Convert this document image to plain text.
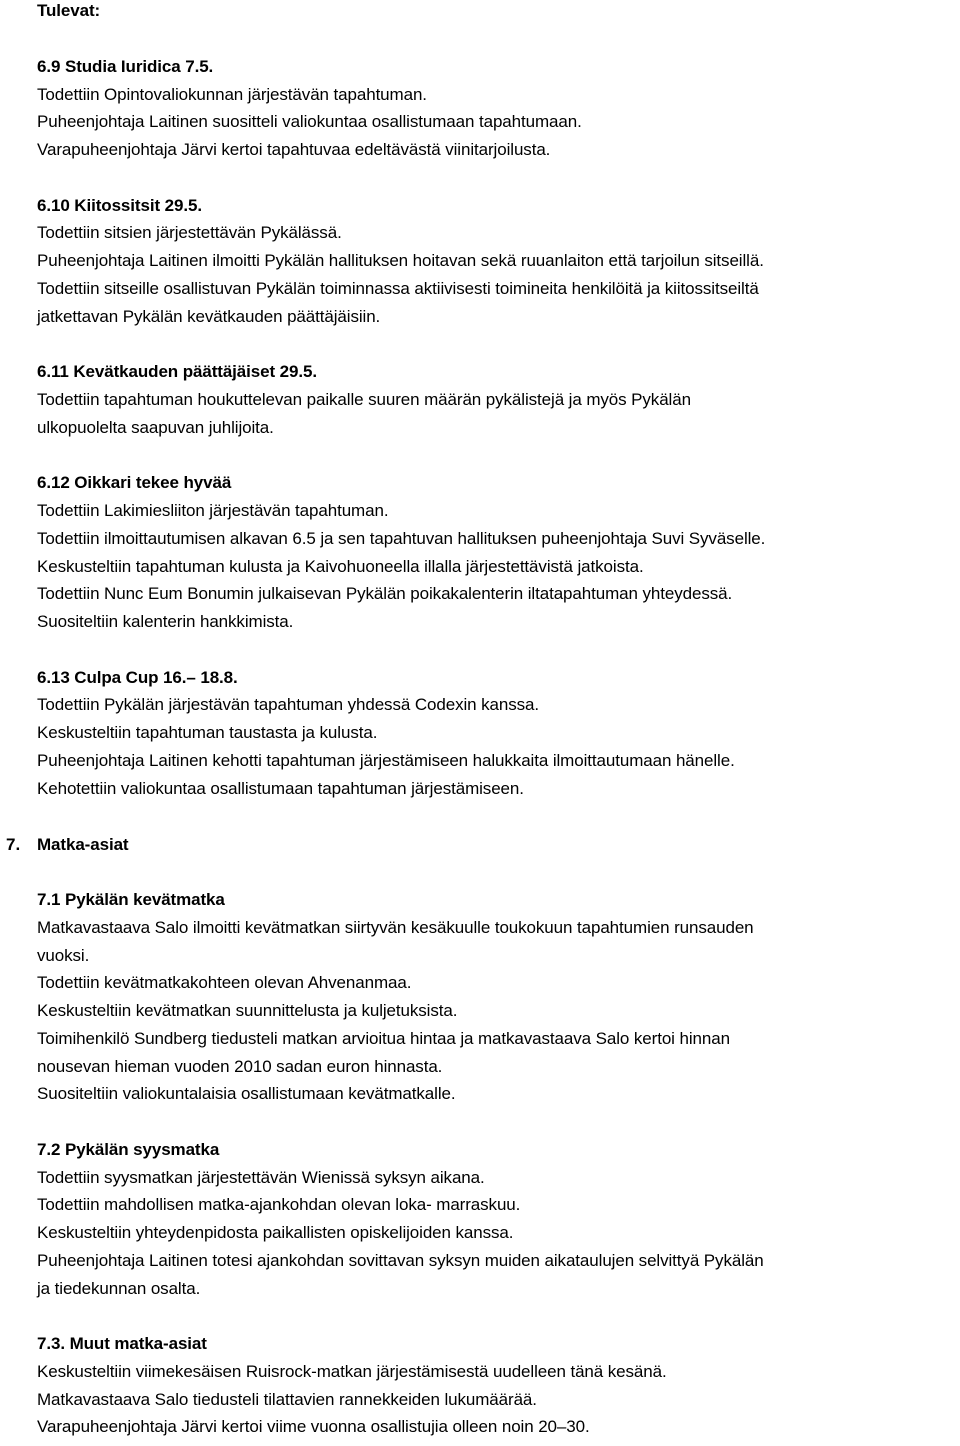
Tulevat:
6.9 Studia Iuridica 7.5.
Todettiin Opintovaliokunnan järjestävän tapahtuman.
Puheenjohtaja Laitinen suositteli valiokuntaa osallistumaan tapahtumaan.
Varapuheenjohtaja Järvi kertoi tapahtuvaa edeltävästä viinitarjoilusta.
6.10 Kiitossitsit 29.5.
Todettiin sitsien järjestettävän Pykälässä.
Puheenjohtaja Laitinen ilmoitti Pykälän hallituksen hoitavan sekä ruuanlaiton että tarjoilun sitseillä.
Todettiin sitseille osallistuvan Pykälän toiminnassa aktiivisesti toimineita henkilöitä ja kiitossitseiltä
jatkettavan Pykälän kevätkauden päättäjäisiin.
6.11 Kevätkauden päättäjäiset 29.5.
Todettiin tapahtuman houkuttelevan paikalle suuren määrän pykälistejä ja myös Pykälän
ulkopuolelta saapuvan juhlijoita.
6.12 Oikkari tekee hyvää
Todettiin Lakimiesliiton järjestävän tapahtuman.
Todettiin ilmoittautumisen alkavan 6.5 ja sen tapahtuvan hallituksen puheenjohtaja Suvi Syväselle.
Keskusteltiin tapahtuman kulusta ja Kaivohuoneella illalla järjestettävistä jatkoista.
Todettiin Nunc Eum Bonumin julkaisevan Pykälän poikakalenterin iltatapahtuman yhteydessä.
Suositeltiin kalenterin hankkimista.
6.13 Culpa Cup 16.– 18.8.
Todettiin Pykälän järjestävän tapahtuman yhdessä Codexin kanssa.
Keskusteltiin tapahtuman taustasta ja kulusta.
Puheenjohtaja Laitinen kehotti tapahtuman järjestämiseen halukkaita ilmoittautumaan hänelle.
Kehotettiin valiokuntaa osallistumaan tapahtuman järjestämiseen.
7. Matka-asiat
7.1 Pykälän kevätmatka
Matkavastaava Salo ilmoitti kevätmatkan siirtyvän kesäkuulle toukokuun tapahtumien runsauden
vuoksi.
Todettiin kevätmatkakohteen olevan Ahvenanmaa.
Keskusteltiin kevätmatkan suunnittelusta ja kuljetuksista.
Toimihenkilö Sundberg tiedusteli matkan arvioitua hintaa ja matkavastaava Salo kertoi hinnan
nousevan hieman vuoden 2010 sadan euron hinnasta.
Suositeltiin valiokuntalaisia osallistumaan kevätmatkalle.
7.2 Pykälän syysmatka
Todettiin syysmatkan järjestettävän Wienissä syksyn aikana.
Todettiin mahdollisen matka-ajankohdan olevan loka- marraskuu.
Keskusteltiin yhteydenpidosta paikallisten opiskelijoiden kanssa.
Puheenjohtaja Laitinen totesi ajankohdan sovittavan syksyn muiden aikataulujen selvittyä Pykälän
ja tiedekunnan osalta.
7.3. Muut matka-asiat
Keskusteltiin viimekesäisen Ruisrock-matkan järjestämisestä uudelleen tänä kesänä.
Matkavastaava Salo tiedusteli tilattavien rannekkeiden lukumäärää.
Varapuheenjohtaja Järvi kertoi viime vuonna osallistujia olleen noin 20–30.
